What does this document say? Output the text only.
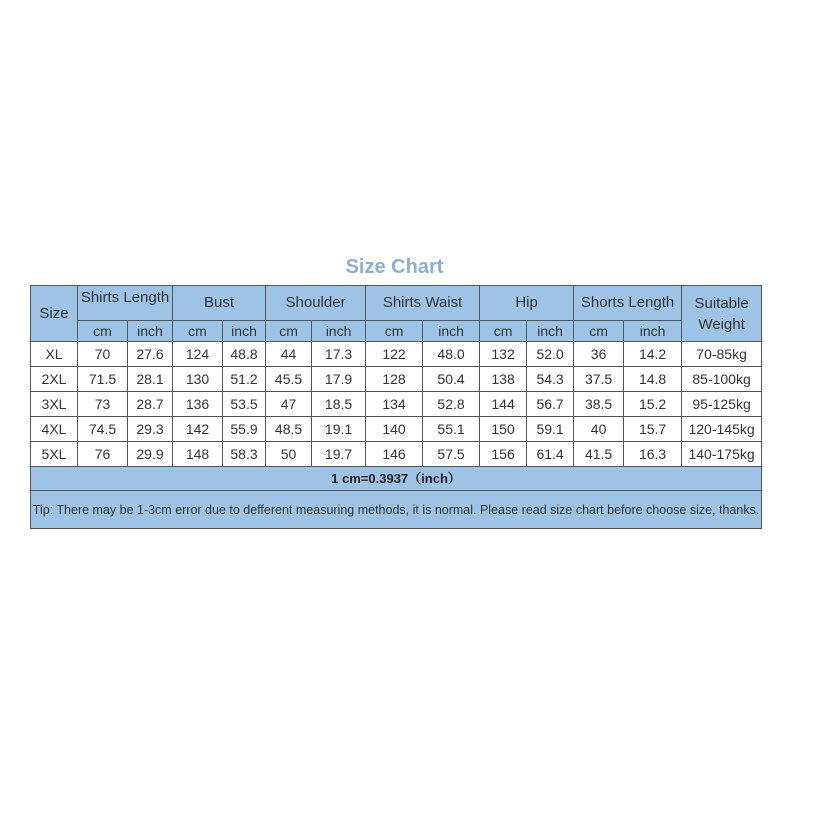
Size Chart
Size	Shirts Length		Bust		Shoulder		Shirts Waist		Hip		Shorts Length		Suitable Weight
	cm	inch	cm	inch	cm	inch	cm	inch	cm	inch	cm	inch	
XL	70	27.6	124	48.8	44	17.3	122	48.0	132	52.0	36	14.2	70-85kg
2XL	71.5	28.1	130	51.2	45.5	17.9	128	50.4	138	54.3	37.5	14.8	85-100kg
3XL	73	28.7	136	53.5	47	18.5	134	52.8	144	56.7	38.5	15.2	95-125kg
4XL	74.5	29.3	142	55.9	48.5	19.1	140	55.1	150	59.1	40	15.7	120-145kg
5XL	76	29.9	148	58.3	50	19.7	146	57.5	156	61.4	41.5	16.3	140-175kg
1 cm=0.3937（inch）													
Tip: There may be 1-3cm error due to defferent measuring methods, it is normal. Please read size chart before choose size, thanks.													
